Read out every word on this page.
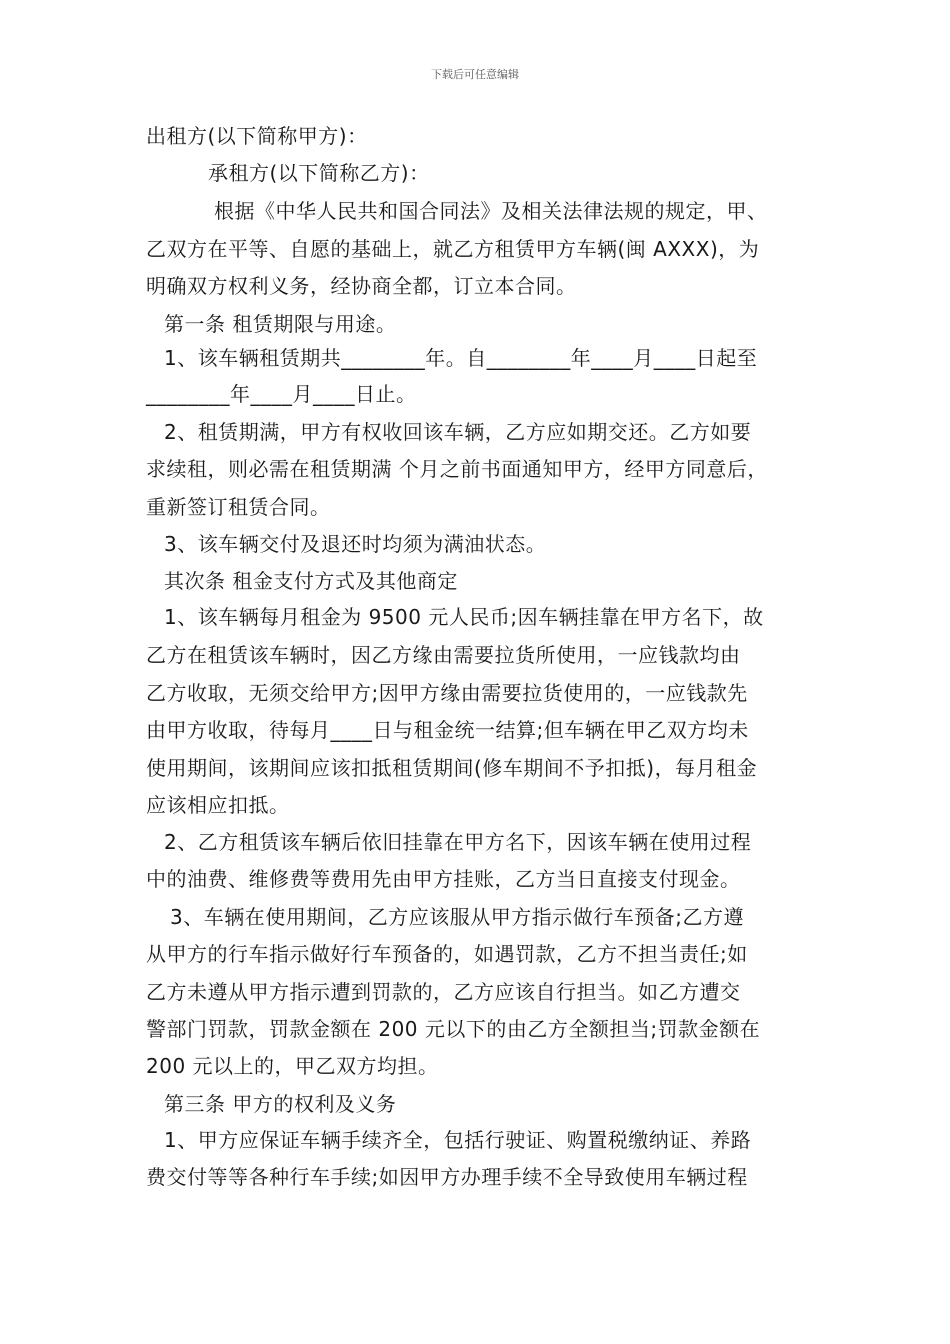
下载后可任意编辑
出租方(以下简称甲方)：
承租方(以下简称乙方)：
根据《中华人民共和国合同法》及相关法律法规的规定，甲、
乙双方在平等、自愿的基础上，就乙方租赁甲方车辆(闽 AXXX)，为
明确双方权利义务，经协商全都，订立本合同。
第一条 租赁期限与用途。
1、该车辆租赁期共________年。自________年____月____日起至
________年____月____日止。
2、租赁期满，甲方有权收回该车辆，乙方应如期交还。乙方如要
求续租，则必需在租赁期满 个月之前书面通知甲方，经甲方同意后，
重新签订租赁合同。
3、该车辆交付及退还时均须为满油状态。
其次条 租金支付方式及其他商定
1、该车辆每月租金为 9500 元人民币;因车辆挂靠在甲方名下，故
乙方在租赁该车辆时，因乙方缘由需要拉货所使用，一应钱款均由
乙方收取，无须交给甲方;因甲方缘由需要拉货使用的，一应钱款先
由甲方收取，待每月____日与租金统一结算;但车辆在甲乙双方均未
使用期间，该期间应该扣抵租赁期间(修车期间不予扣抵)，每月租金
应该相应扣抵。
2、乙方租赁该车辆后依旧挂靠在甲方名下，因该车辆在使用过程
中的油费、维修费等费用先由甲方挂账，乙方当日直接支付现金。
3、车辆在使用期间，乙方应该服从甲方指示做行车预备;乙方遵
从甲方的行车指示做好行车预备的，如遇罚款，乙方不担当责任;如
乙方未遵从甲方指示遭到罚款的，乙方应该自行担当。如乙方遭交
警部门罚款，罚款金额在 200 元以下的由乙方全额担当;罚款金额在
200 元以上的，甲乙双方均担。
第三条 甲方的权利及义务
1、甲方应保证车辆手续齐全，包括行驶证、购置税缴纳证、养路
费交付等等各种行车手续;如因甲方办理手续不全导致使用车辆过程
